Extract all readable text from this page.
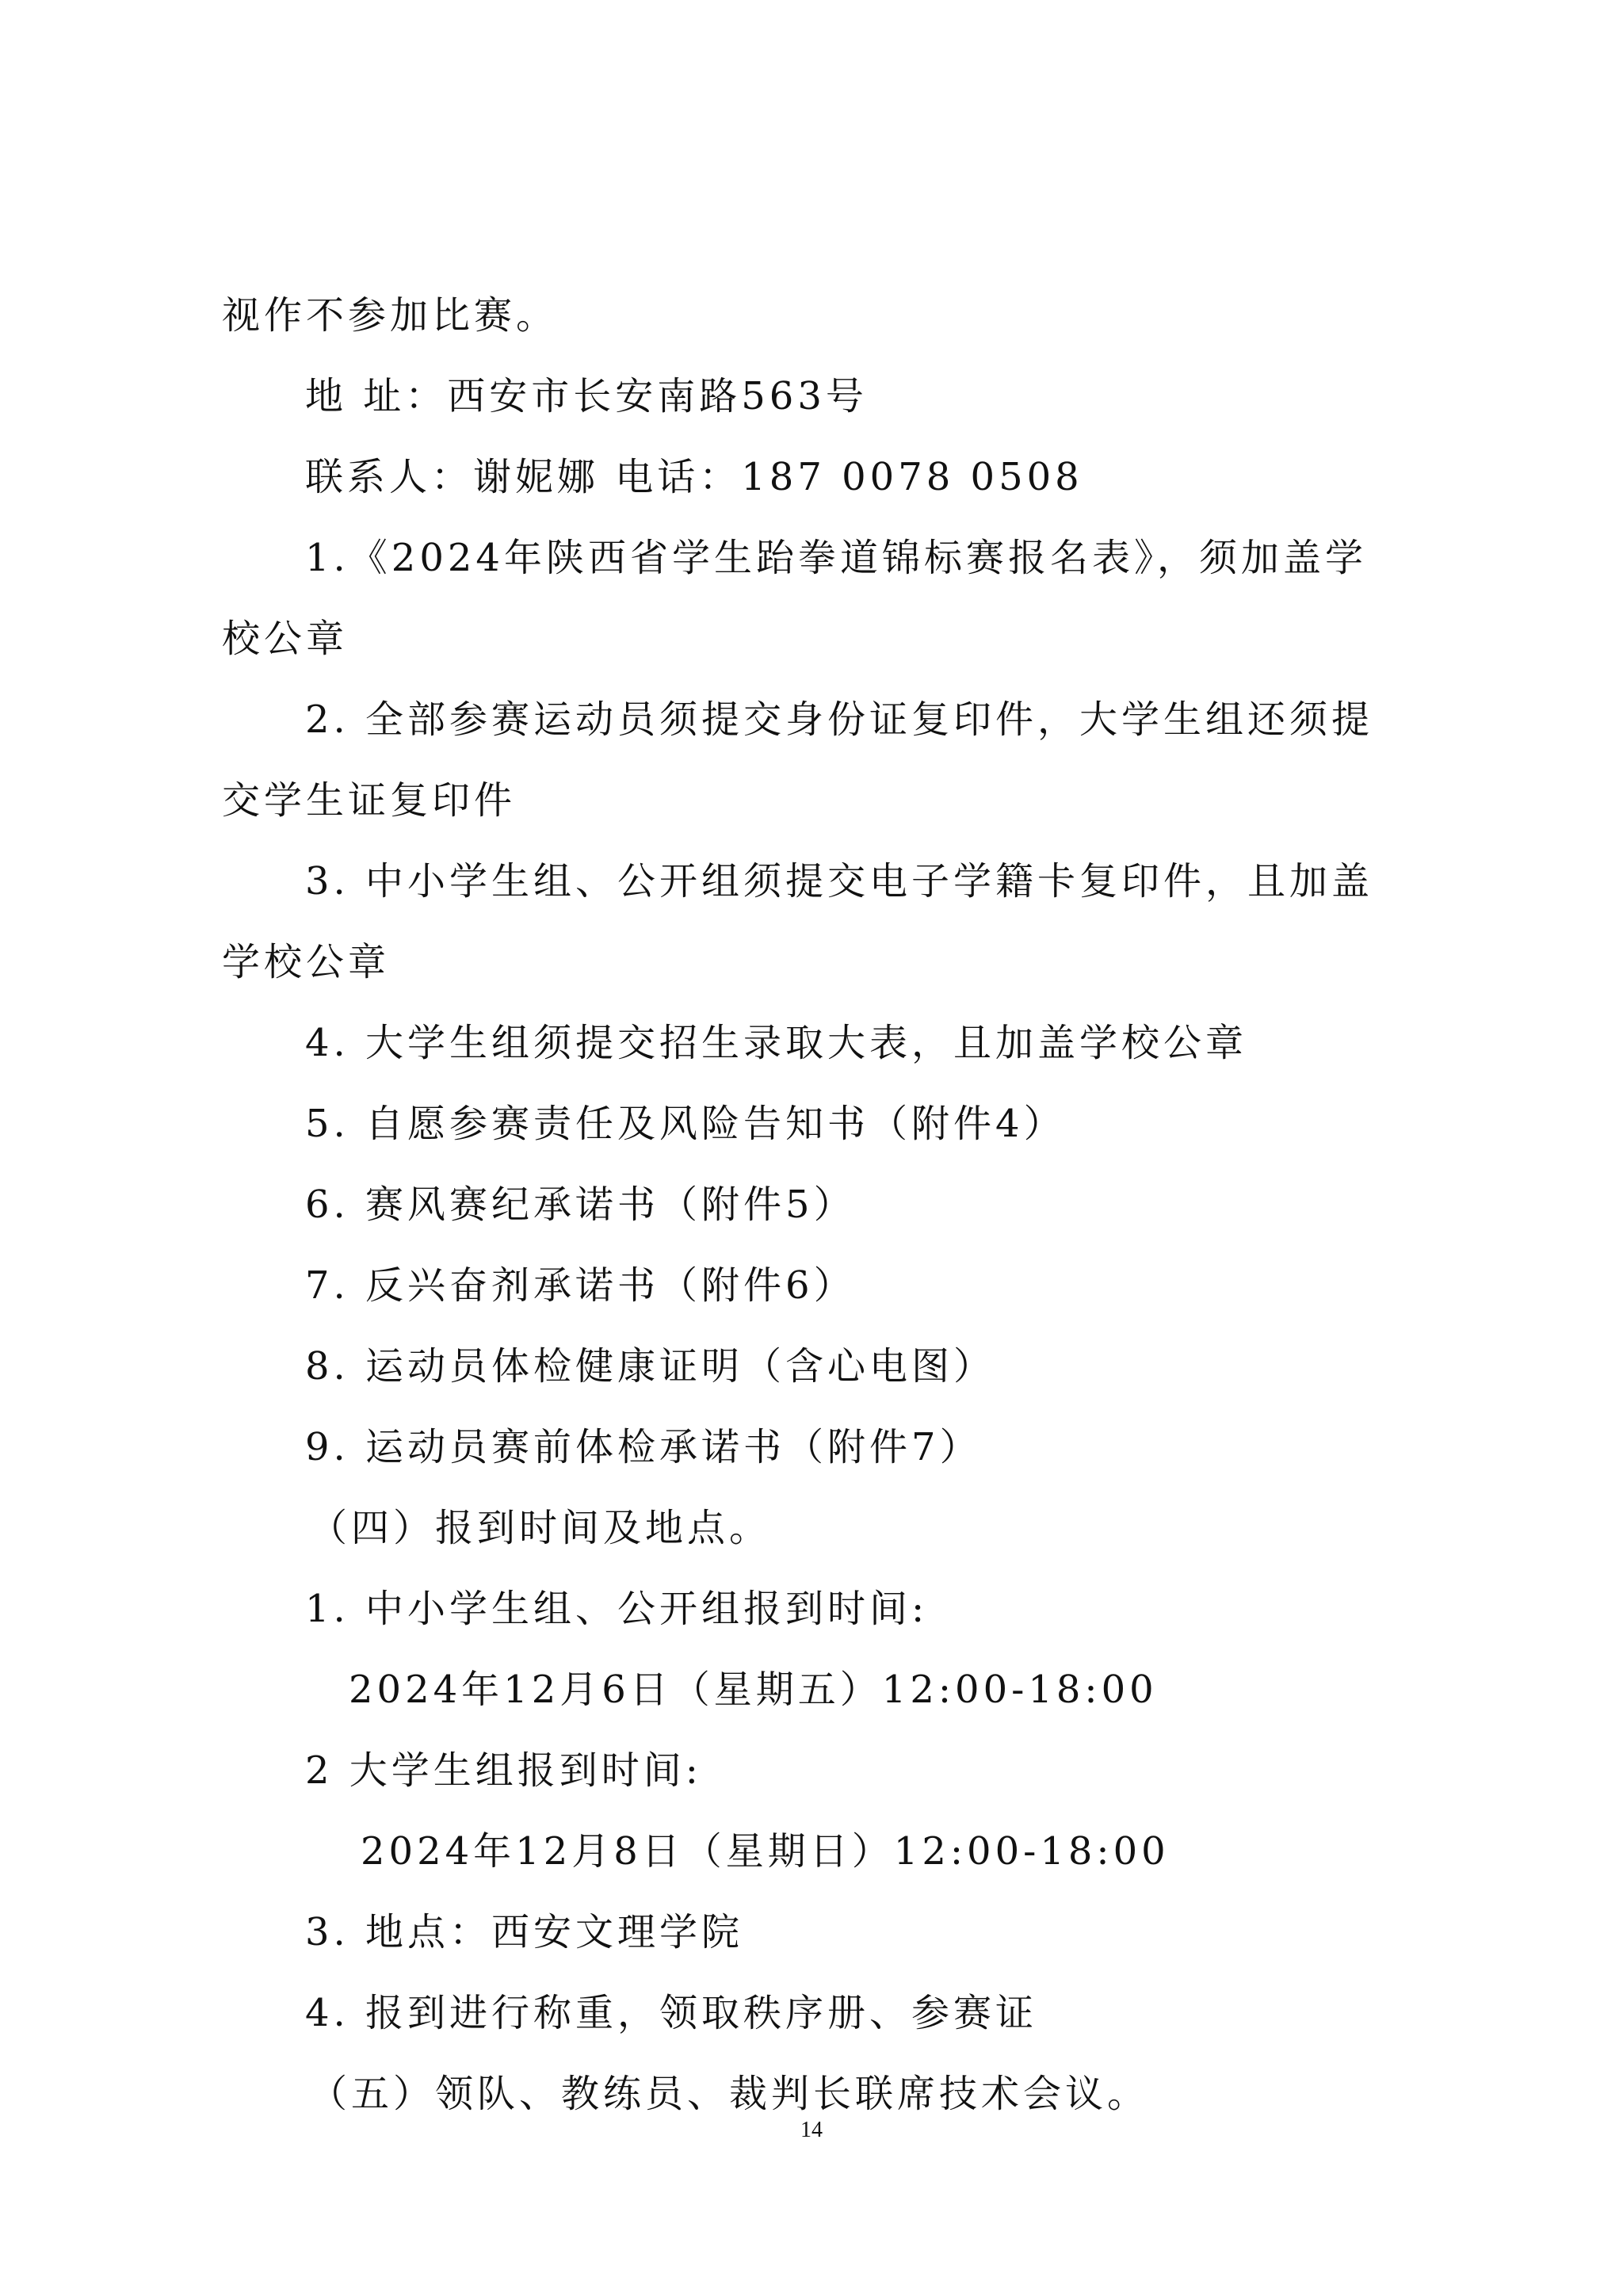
视作不参加比赛。
地 址：西安市长安南路563号
联系人：谢妮娜 电话：187 0078 0508
1.《2024年陕西省学生跆拳道锦标赛报名表》，须加盖学
校公章
2. 全部参赛运动员须提交身份证复印件，大学生组还须提
交学生证复印件
3. 中小学生组、公开组须提交电子学籍卡复印件，且加盖
学校公章
4. 大学生组须提交招生录取大表，且加盖学校公章
5. 自愿参赛责任及风险告知书（附件4）
6. 赛风赛纪承诺书（附件5）
7. 反兴奋剂承诺书（附件6）
8. 运动员体检健康证明（含心电图）
9. 运动员赛前体检承诺书（附件7）
（四）报到时间及地点。
1. 中小学生组、公开组报到时间:
2024年12月6日（星期五）12:00-18:00
2 大学生组报到时间:
2024年12月8日（星期日）12:00-18:00
3. 地点：西安文理学院
4. 报到进行称重，领取秩序册、参赛证
（五）领队、教练员、裁判长联席技术会议。
14
